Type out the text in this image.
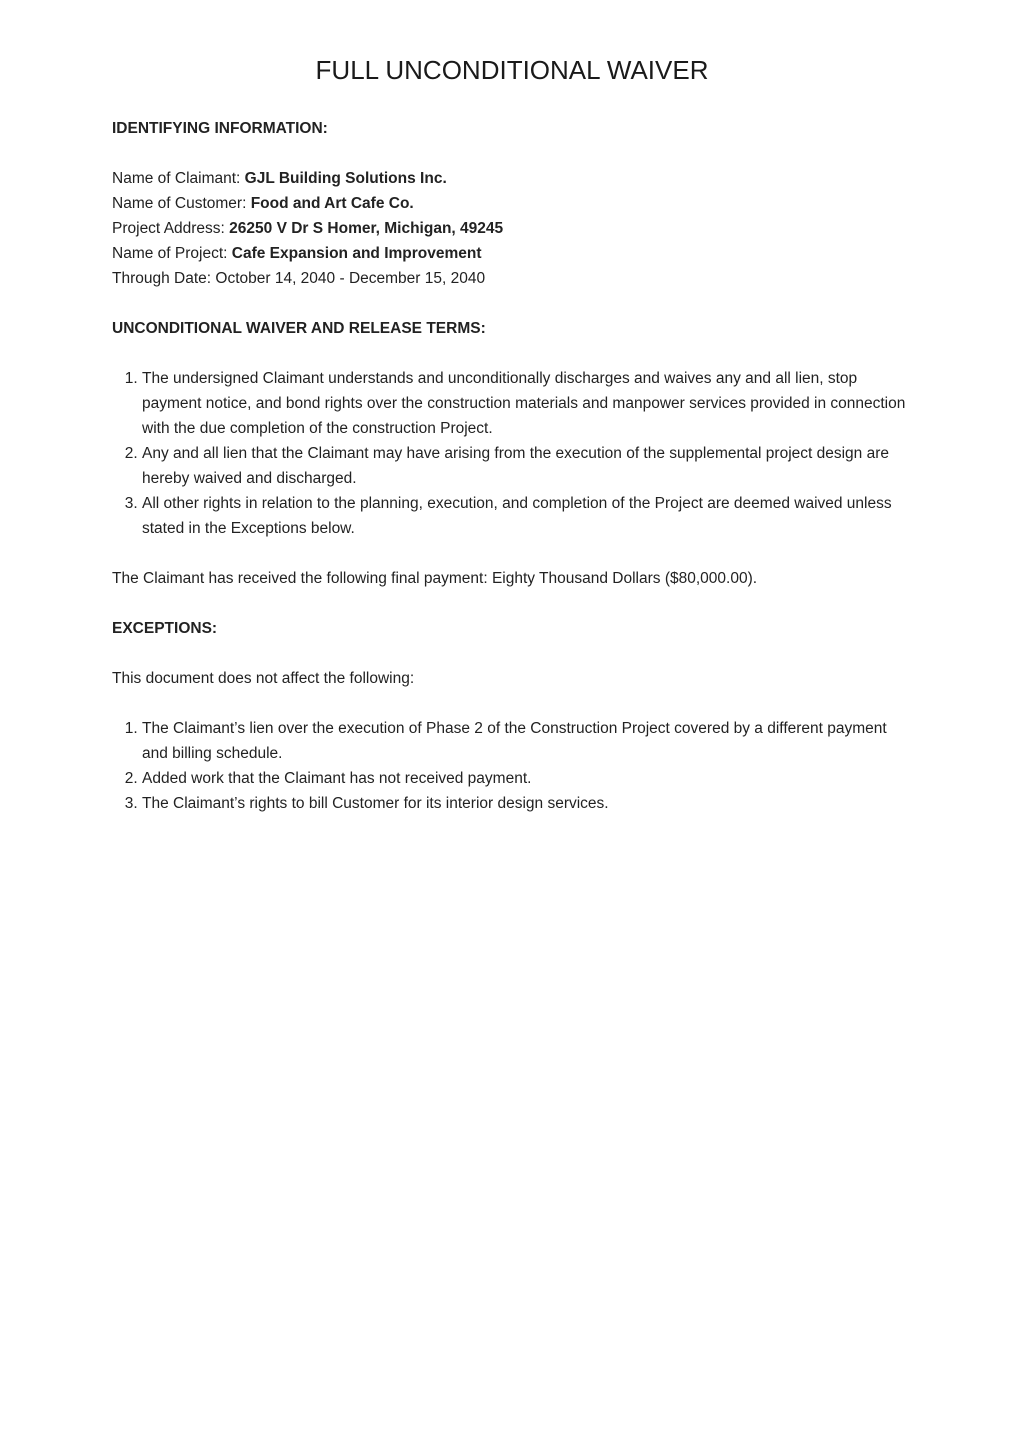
FULL UNCONDITIONAL WAIVER

IDENTIFYING INFORMATION:

Name of Claimant: GJL Building Solutions Inc.
Name of Customer: Food and Art Cafe Co.
Project Address: 26250 V Dr S Homer, Michigan, 49245
Name of Project: Cafe Expansion and Improvement
Through Date: October 14, 2040 - December 15, 2040

UNCONDITIONAL WAIVER AND RELEASE TERMS:

1. The undersigned Claimant understands and unconditionally discharges and waives any and all lien, stop payment notice, and bond rights over the construction materials and manpower services provided in connection with the due completion of the construction Project.
2. Any and all lien that the Claimant may have arising from the execution of the supplemental project design are hereby waived and discharged.
3. All other rights in relation to the planning, execution, and completion of the Project are deemed waived unless stated in the Exceptions below.

The Claimant has received the following final payment: Eighty Thousand Dollars ($80,000.00).

EXCEPTIONS:

This document does not affect the following:

1. The Claimant’s lien over the execution of Phase 2 of the Construction Project covered by a different payment and billing schedule.
2. Added work that the Claimant has not received payment.
3. The Claimant’s rights to bill Customer for its interior design services.
